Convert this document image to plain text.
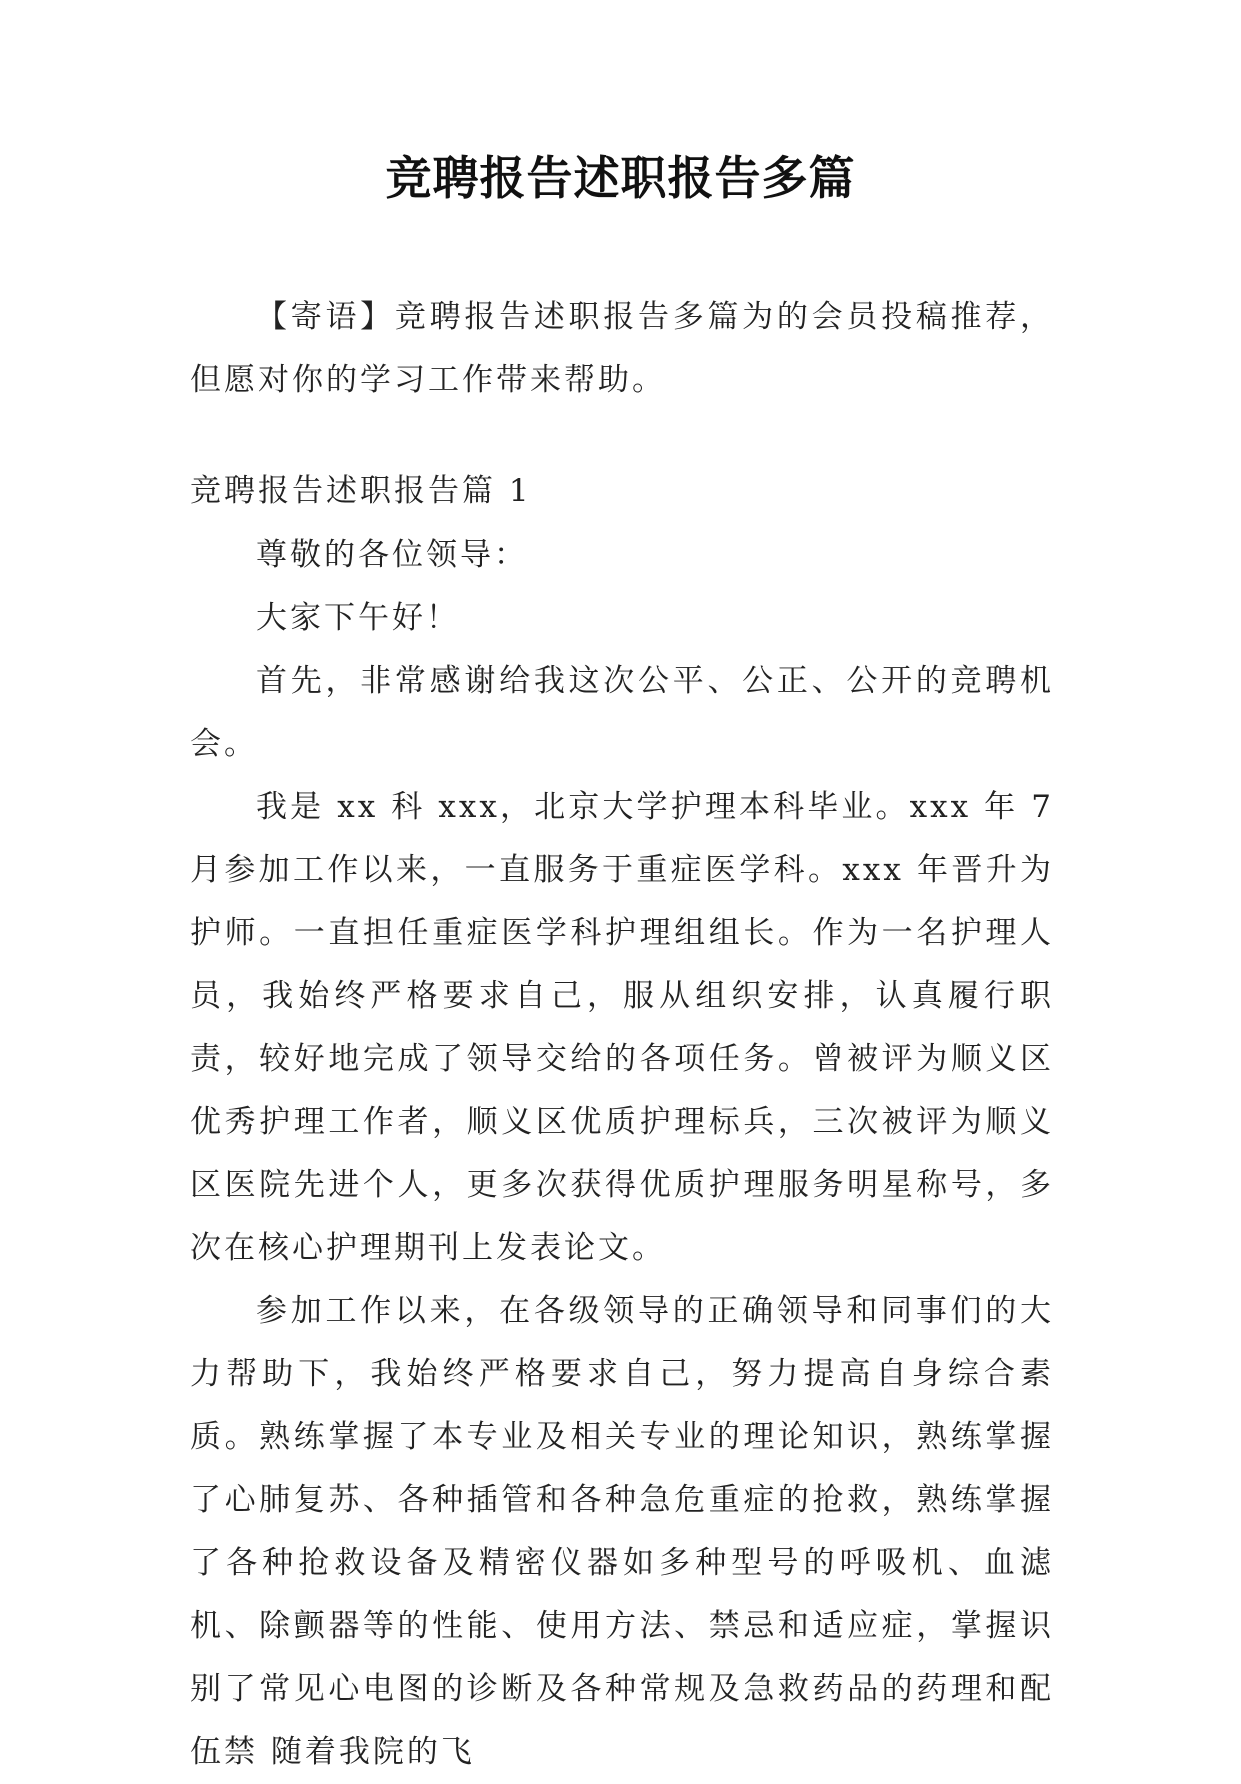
竞聘报告述职报告多篇
【寄语】竞聘报告述职报告多篇为的会员投稿推荐，但愿对你的学习工作带来帮助。
竞聘报告述职报告篇 1

尊敬的各位领导：

大家下午好！

首先，非常感谢给我这次公平、公正、公开的竞聘机会。

我是 xx 科 xxx，北京大学护理本科毕业。xxx 年 7 月参加工作以来，一直服务于重症医学科。xxx 年晋升为护师。一直担任重症医学科护理组组长。作为一名护理人员，我始终严格要求自己，服从组织安排，认真履行职责，较好地完成了领导交给的各项任务。曾被评为顺义区优秀护理工作者，顺义区优质护理标兵，三次被评为顺义区医院先进个人，更多次获得优质护理服务明星称号，多次在核心护理期刊上发表论文。

参加工作以来，在各级领导的正确领导和同事们的大力帮助下，我始终严格要求自己，努力提高自身综合素质。熟练掌握了本专业及相关专业的理论知识，熟练掌握了心肺复苏、各种插管和各种急危重症的抢救，熟练掌握了各种抢救设备及精密仪器如多种型号的呼吸机、血滤机、除颤器等的性能、使用方法、禁忌和适应症，掌握识别了常见心电图的诊断及各种常规及急救药品的药理和配伍禁 随着我院的飞
